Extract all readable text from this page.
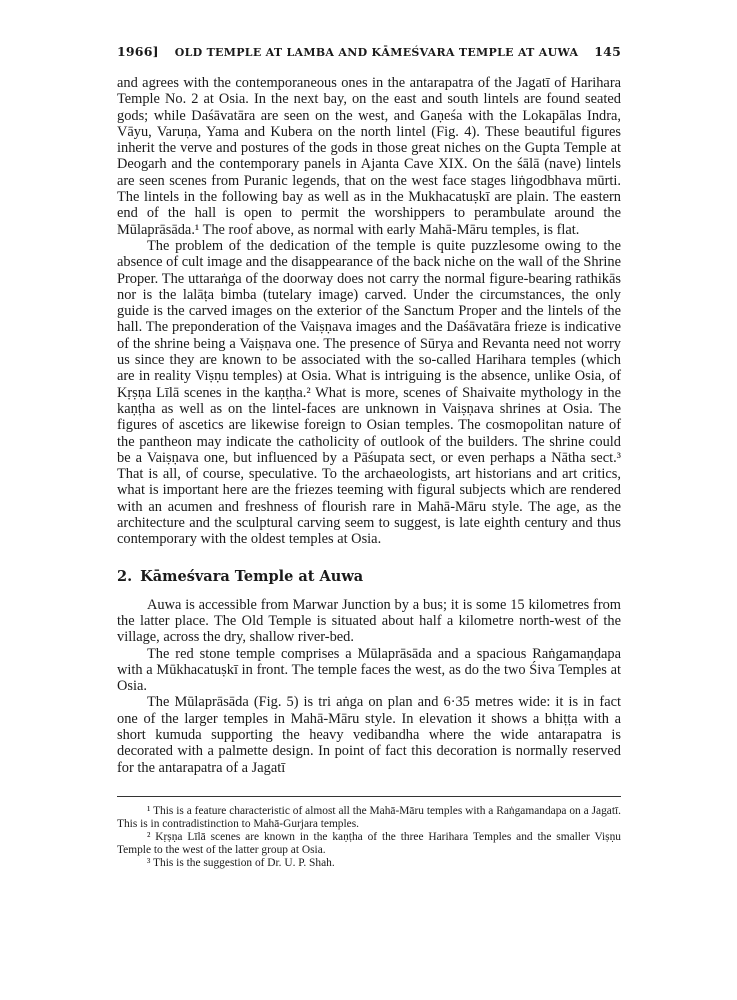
1966] OLD TEMPLE AT LAMBA AND KĀMEŚVARA TEMPLE AT AUWA 145

and agrees with the contemporaneous ones in the antarapatra of the Jagatī of Harihara Temple No. 2 at Osia. In the next bay, on the east and south lintels are found seated gods; while Daśāvatāra are seen on the west, and Gaṇeśa with the Lokapālas Indra, Vāyu, Varuṇa, Yama and Kubera on the north lintel (Fig. 4). These beautiful figures inherit the verve and postures of the gods in those great niches on the Gupta Temple at Deogarh and the contemporary panels in Ajanta Cave XIX. On the śālā (nave) lintels are seen scenes from Puranic legends, that on the west face stages liṅgodbhava mūrti. The lintels in the following bay as well as in the Mukhacatuṣkī are plain. The eastern end of the hall is open to permit the worshippers to perambulate around the Mūlaprāsāda.¹ The roof above, as normal with early Mahā-Māru temples, is flat.

The problem of the dedication of the temple is quite puzzlesome owing to the absence of cult image and the disappearance of the back niche on the wall of the Shrine Proper. The uttaraṅga of the doorway does not carry the normal figure-bearing rathikās nor is the lalāṭa bimba (tutelary image) carved. Under the circumstances, the only guide is the carved images on the exterior of the Sanctum Proper and the lintels of the hall. The preponderation of the Vaiṣṇava images and the Daśāvatāra frieze is indicative of the shrine being a Vaiṣṇava one. The presence of Sūrya and Revanta need not worry us since they are known to be associated with the so-called Harihara temples (which are in reality Viṣṇu temples) at Osia. What is intriguing is the absence, unlike Osia, of Kṛṣṇa Līlā scenes in the kaṇṭha.² What is more, scenes of Shaivaite mythology in the kaṇṭha as well as on the lintel-faces are unknown in Vaiṣṇava shrines at Osia. The figures of ascetics are likewise foreign to Osian temples. The cosmopolitan nature of the pantheon may indicate the catholicity of outlook of the builders. The shrine could be a Vaiṣṇava one, but influenced by a Pāśupata sect, or even perhaps a Nātha sect.³ That is all, of course, speculative. To the archaeologists, art historians and art critics, what is important here are the friezes teeming with figural subjects which are rendered with an acumen and freshness of flourish rare in Mahā-Māru style. The age, as the architecture and the sculptural carving seem to suggest, is late eighth century and thus contemporary with the oldest temples at Osia.

2. Kāmeśvara Temple at Auwa

Auwa is accessible from Marwar Junction by a bus; it is some 15 kilometres from the latter place. The Old Temple is situated about half a kilometre north-west of the village, across the dry, shallow river-bed.

The red stone temple comprises a Mūlaprāsāda and a spacious Raṅgamaṇḍapa with a Mūkhacatuṣkī in front. The temple faces the west, as do the two Śiva Temples at Osia.

The Mūlaprāsāda (Fig. 5) is tri aṅga on plan and 6·35 metres wide: it is in fact one of the larger temples in Mahā-Māru style. In elevation it shows a bhiṭṭa with a short kumuda supporting the heavy vedibandha where the wide antarapatra is decorated with a palmette design. In point of fact this decoration is normally reserved for the antarapatra of a Jagatī

¹ This is a feature characteristic of almost all the Mahā-Māru temples with a Raṅgamandapa on a Jagatī. This is in contradistinction to Mahā-Gurjara temples.

² Kṛṣṇa Līlā scenes are known in the kaṇṭha of the three Harihara Temples and the smaller Viṣṇu Temple to the west of the latter group at Osia.

³ This is the suggestion of Dr. U. P. Shah.
